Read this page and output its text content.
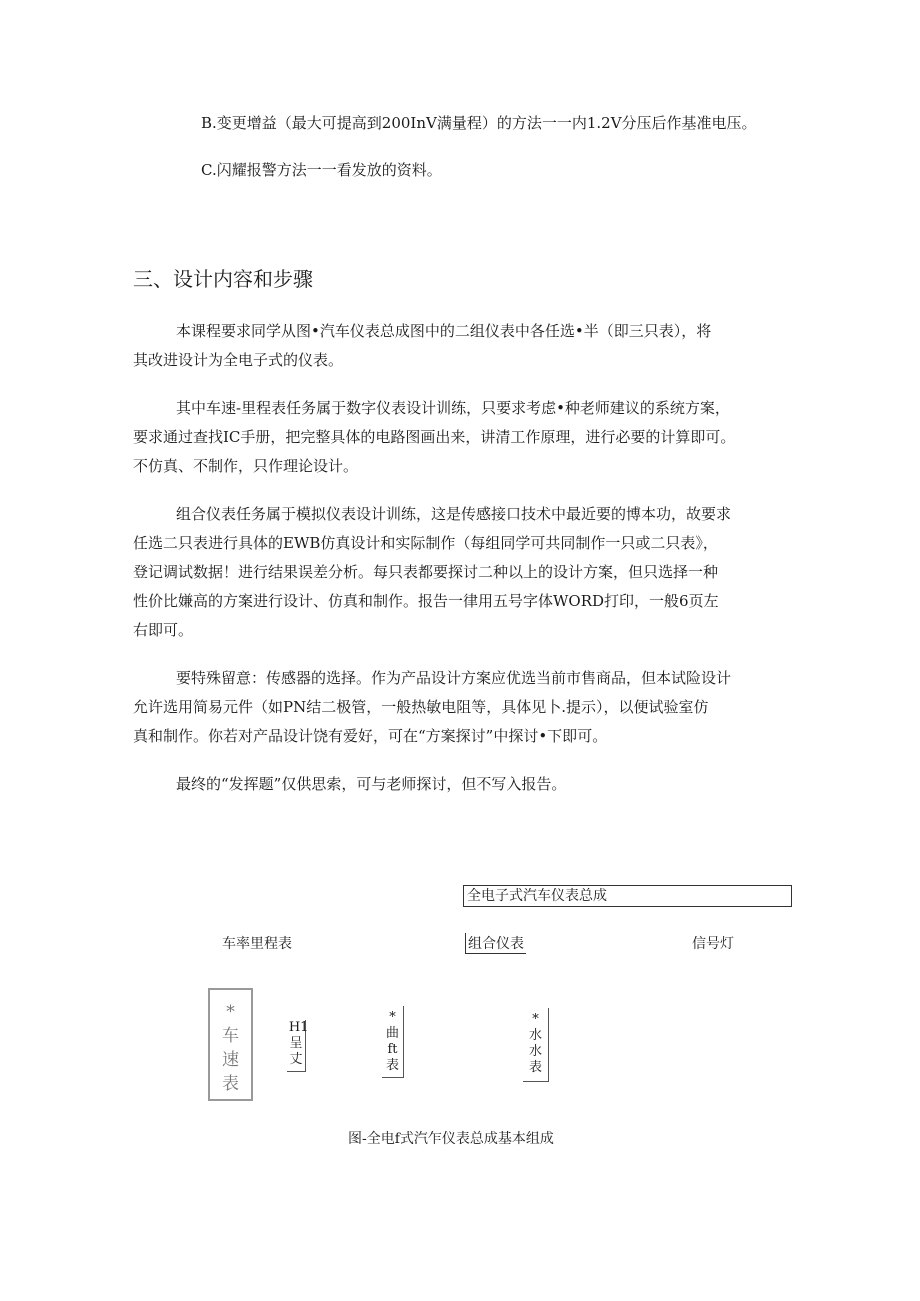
B.变更增益（最大可提高到200InV满量程）的方法一一内1.2V分压后作基准电压。
C.闪耀报警方法一一看发放的资料。
三、设计内容和步骤
本课程要求同学从图•汽车仪表总成图中的二组仪表中各任选•半（即三只表），将
其改进设计为全电子式的仪表。
其中车速-里程表任务属于数字仪表设计训练，只要求考虑•种老师建议的系统方案，
要求通过查找IC手册，把完整具体的电路图画出来，讲清工作原理，进行必要的计算即可。
不仿真、不制作，只作理论设计。
组合仪表任务属于模拟仪表设计训练，这是传感接口技术中最近要的博本功，故要求
任选二只表进行具体的EWB仿真设计和实际制作（每组同学可共同制作一只或二只表》，
登记调试数据！进行结果误差分析。每只表都要探讨二种以上的设计方案，但只选择一种
性价比嫌高的方案进行设计、仿真和制作。报告一律用五号字体WORD打印，一般6页左
右即可。
要特殊留意：传感器的选择。作为产品设计方案应优选当前市售商品，但本试险设计
允许选用简易元件（如PN结二极管，一般热敏电阻等，具体见卜.提示），以便试验室仿
真和制作。你若对产品设计饶有爱好，可在“方案探讨”中探讨•下即可。
最终的“发挥题”仅供思索，可与老师探讨，但不写入报告。
全电子式汽车仪表总成
车率里程表	组合仪表	信号灯
*车速表
H1呈丈
*曲ft表
*水水表
图-全电f式汽乍仪表总成基本组成
